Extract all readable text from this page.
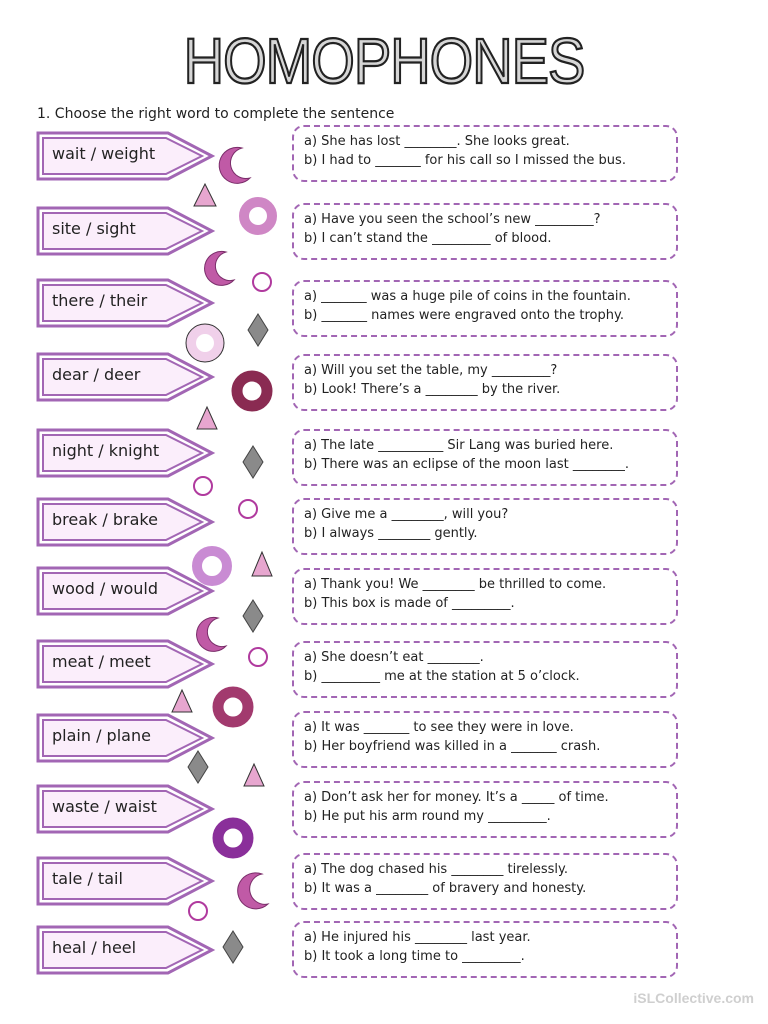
HOMOPHONES
1. Choose the right word to complete the sentence
wait / weight
a) She has lost ________. She looks great.
b) I had to _______ for his call so I missed the bus.
site / sight	a) Have you seen the school’s new _________?
b) I can’t stand the _________ of blood.
there / their	a) _______ was a huge pile of coins in the fountain.
b) _______ names were engraved onto the trophy.
dear / deer	a) Will you set the table, my _________?
b) Look! There’s a ________ by the river.
night / knight	a) The late __________ Sir Lang was buried here.
b) There was an eclipse of the moon last ________.
break / brake	a) Give me a ________, will you?
b) I always ________ gently.
wood / would	a) Thank you! We ________ be thrilled to come.
b) This box is made of _________.
meat / meet	a) She doesn’t eat ________.
b) _________ me at the station at 5 o’clock.
plain / plane	a) It was _______ to see they were in love.
b) Her boyfriend was killed in a _______ crash.
waste / waist	a) Don’t ask her for money. It’s a _____ of time.
b) He put his arm round my _________.
tale / tail	a) The dog chased his ________ tirelessly.
b) It was a ________ of bravery and honesty.
heal / heel
a) He injured his ________ last year.
b) It took a long time to _________.
iSLCollective.com
